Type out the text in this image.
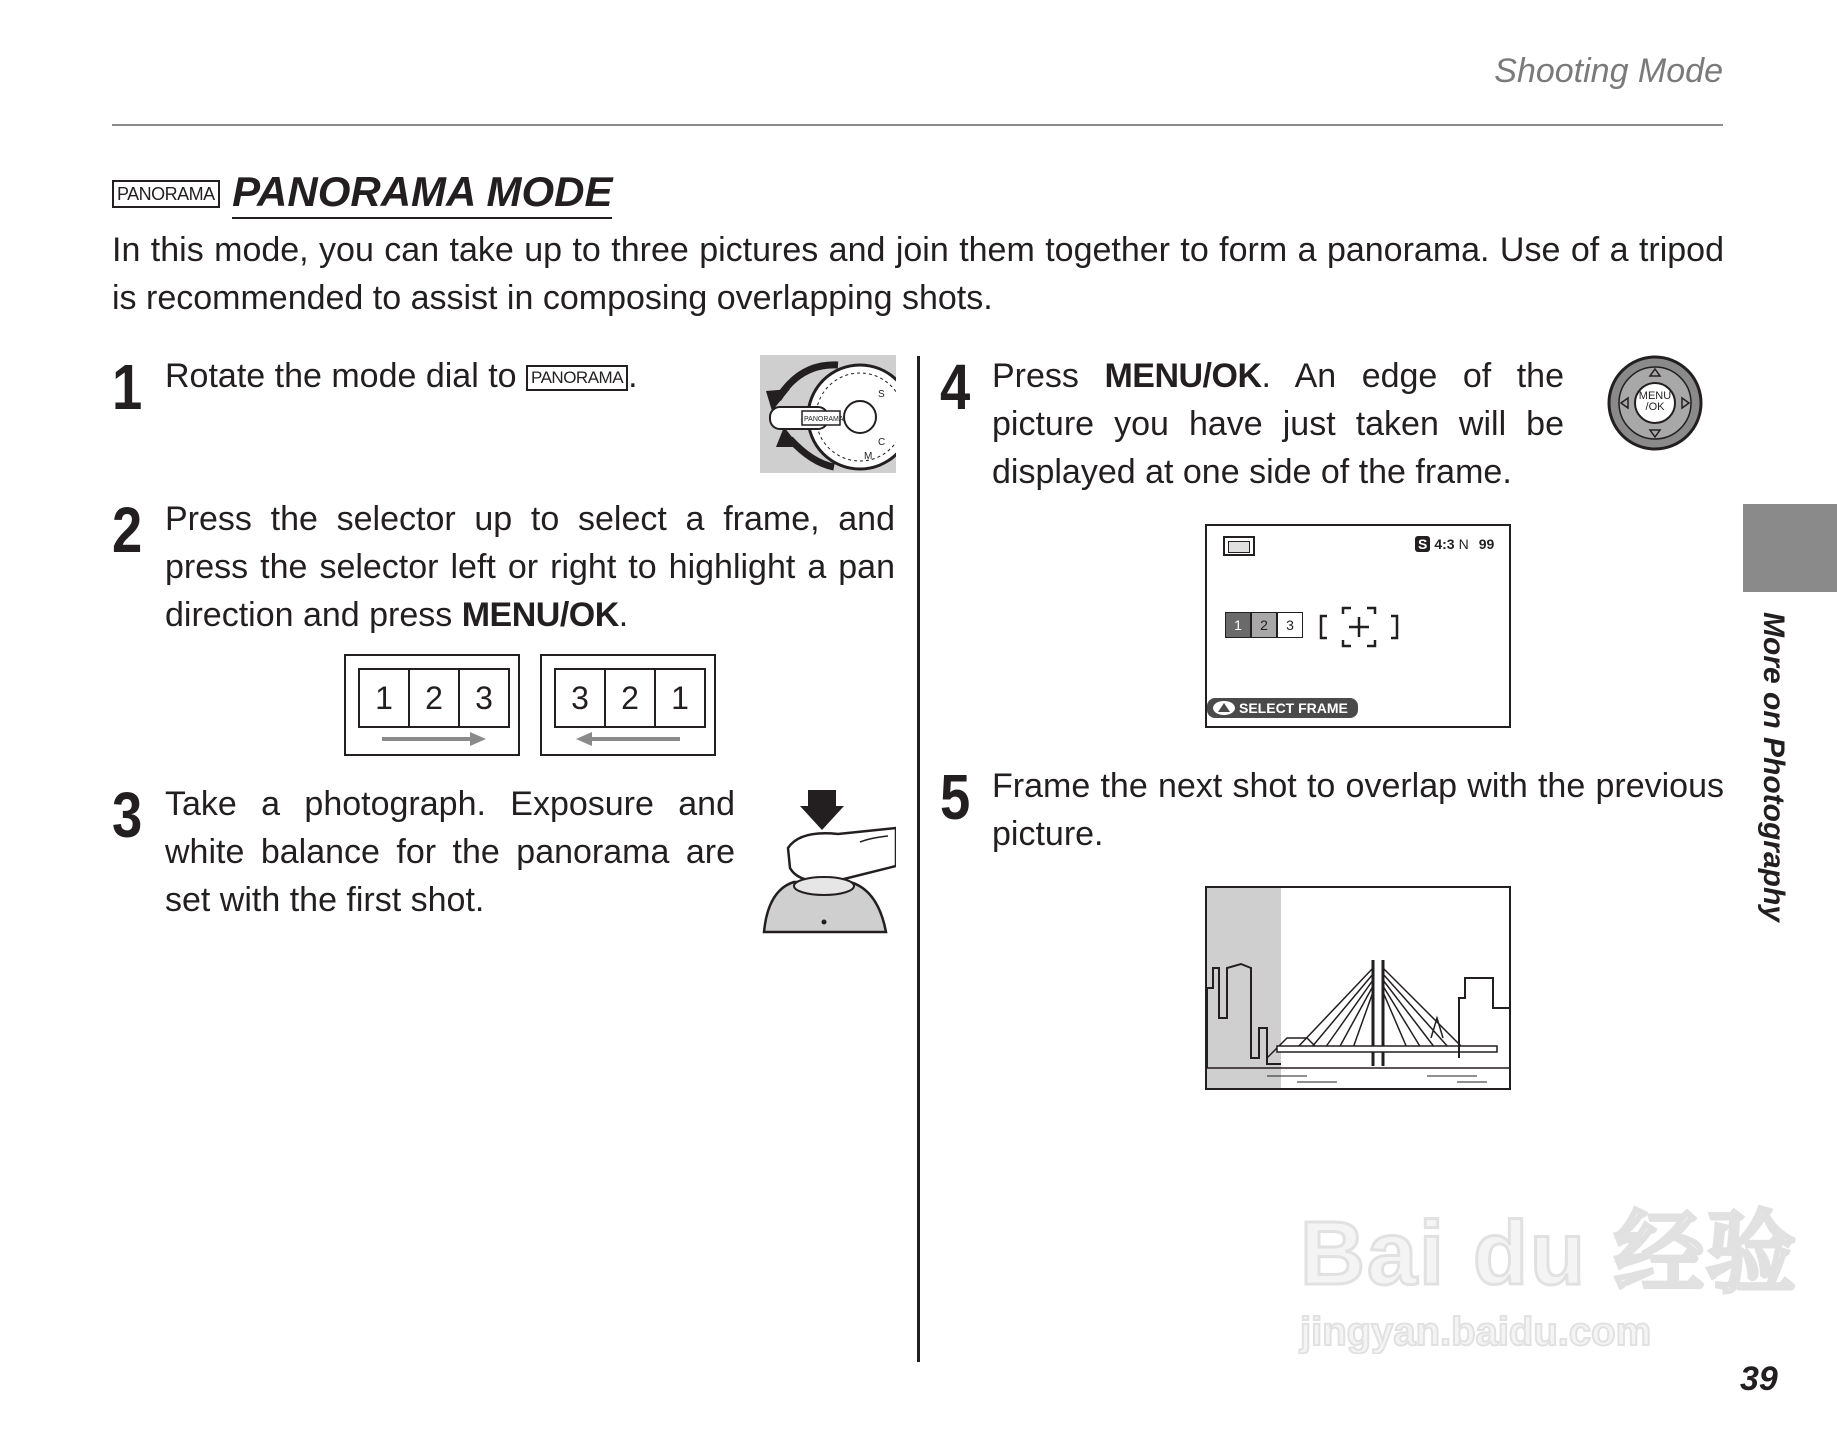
Shooting Mode
PANORAMA PANORAMA MODE
In this mode, you can take up to three pictures and join them together to form a panorama. Use of a tripod is recommended to assist in composing overlapping shots.
1 Rotate the mode dial to PANORAMA .
PANORAMA
C
M
S
2 Press the selector up to select a frame, and press the selector left or right to highlight a pan direction and press MENU/OK.
1	2	3	3	2	1
3 Take a photograph. Exposure and white balance for the panorama are set with the first shot.
4 Press MENU/OK. An edge of the picture you have just taken will be displayed at one side of the frame.
MENU
/OK
S 4:3 N 99
1	2	3
SELECT FRAME
5 Frame the next shot to overlap with the previous picture.	More on Photography
Bai du 经验
jingyan.baidu.com
39
